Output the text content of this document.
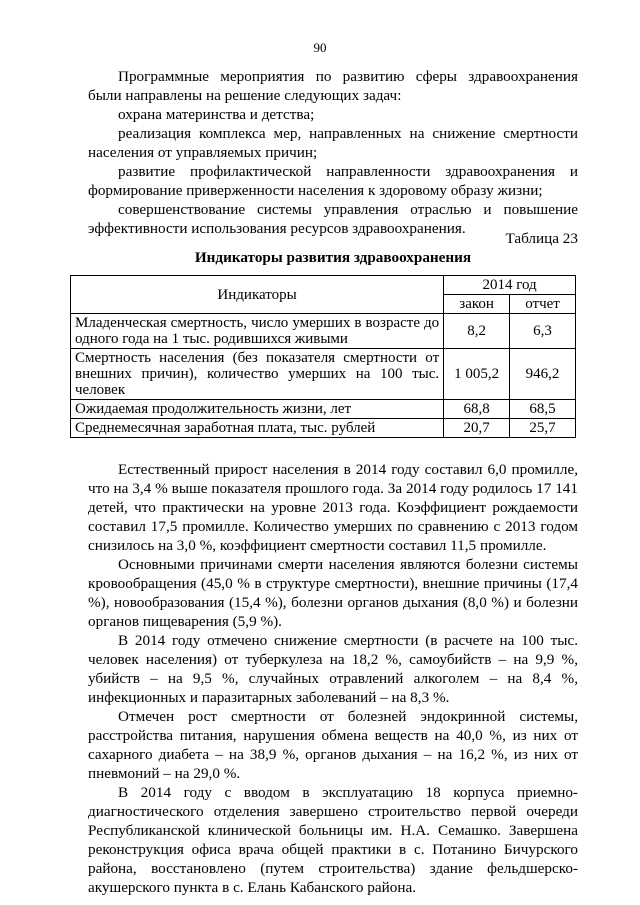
90

Программные мероприятия по развитию сферы здравоохранения были направлены на решение следующих задач:

охрана материнства и детства;

реализация комплекса мер, направленных на снижение смертности населения от управляемых причин;

развитие профилактической направленности здравоохранения и формирование приверженности населения к здоровому образу жизни;

совершенствование системы управления отраслью и повышение эффективности использования ресурсов здравоохранения.

Таблица 23
Индикаторы развития здравоохранения
Индикаторы	2014 год	
	закон	отчет
Младенческая смертность, число умерших в возрасте до одного года на 1 тыс. родившихся живыми	8,2	6,3
Смертность населения (без показателя смертности от внешних причин), количество умерших на 100 тыс. человек	1 005,2	946,2
Ожидаемая продолжительность жизни, лет	68,8	68,5
Среднемесячная заработная плата, тыс. рублей	20,7	25,7

Естественный прирост населения в 2014 году составил 6,0 промилле, что на 3,4 % выше показателя прошлого года. За 2014 году родилось 17 141 детей, что практически на уровне 2013 года. Коэффициент рождаемости составил 17,5 промилле. Количество умерших по сравнению с 2013 годом снизилось на 3,0 %, коэффициент смертности составил 11,5 промилле.

Основными причинами смерти населения являются болезни системы кровообращения (45,0 % в структуре смертности), внешние причины (17,4 %), новообразования (15,4 %), болезни органов дыхания (8,0 %) и болезни органов пищеварения (5,9 %).

В 2014 году отмечено снижение смертности (в расчете на 100 тыс. человек населения) от туберкулеза на 18,2 %, самоубийств – на 9,9 %, убийств – на 9,5 %, случайных отравлений алкоголем – на 8,4 %, инфекционных и паразитарных заболеваний – на 8,3 %.

Отмечен рост смертности от болезней эндокринной системы, расстройства питания, нарушения обмена веществ на 40,0 %, из них от сахарного диабета – на 38,9 %, органов дыхания – на 16,2 %, из них от пневмоний – на 29,0 %.

В 2014 году с вводом в эксплуатацию 18 корпуса приемно-диагностического отделения завершено строительство первой очереди Республиканской клинической больницы им. Н.А. Семашко. Завершена реконструкция офиса врача общей практики в с. Потанино Бичурского района, восстановлено (путем строительства) здание фельдшерско-акушерского пункта в с. Елань Кабанского района.
